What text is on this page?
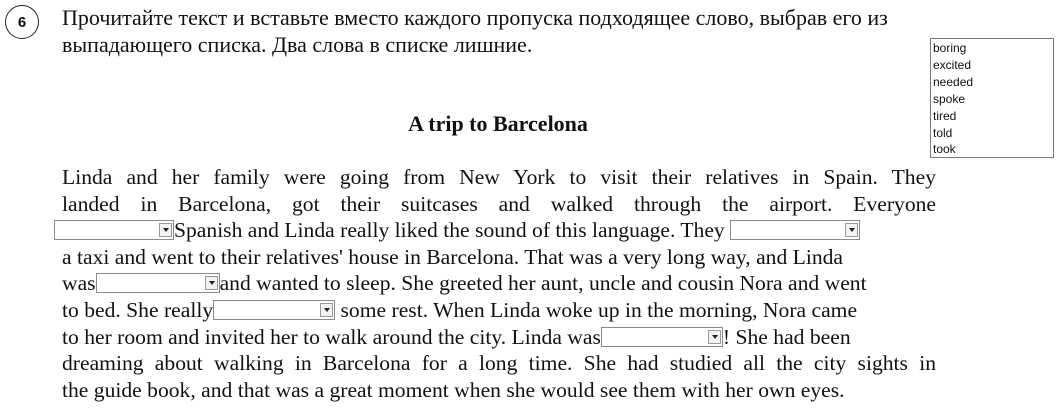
6 Прочитайте текст и вставьте вместо каждого пропуска подходящее слово, выбрав его из выпадающего списка. Два слова в списке лишние.	boring
excited
needed
spoke
tired
told
took
A trip to Barcelona
Linda and her family were going from New York to visit their relatives in Spain. They
landed in Barcelona, got their suitcases and walked through the airport. Everyone
Spanish and Linda really liked the sound of this language. They
a taxi and went to their relatives' house in Barcelona. That was a very long way, and Linda
was	and wanted to sleep. She greeted her aunt, uncle and cousin Nora and went
to bed. She really	some rest. When Linda woke up in the morning, Nora came
to her room and invited her to walk around the city. Linda was	! She had been
dreaming about walking in Barcelona for a long time. She had studied all the city sights in
the guide book, and that was a great moment when she would see them with her own eyes.
